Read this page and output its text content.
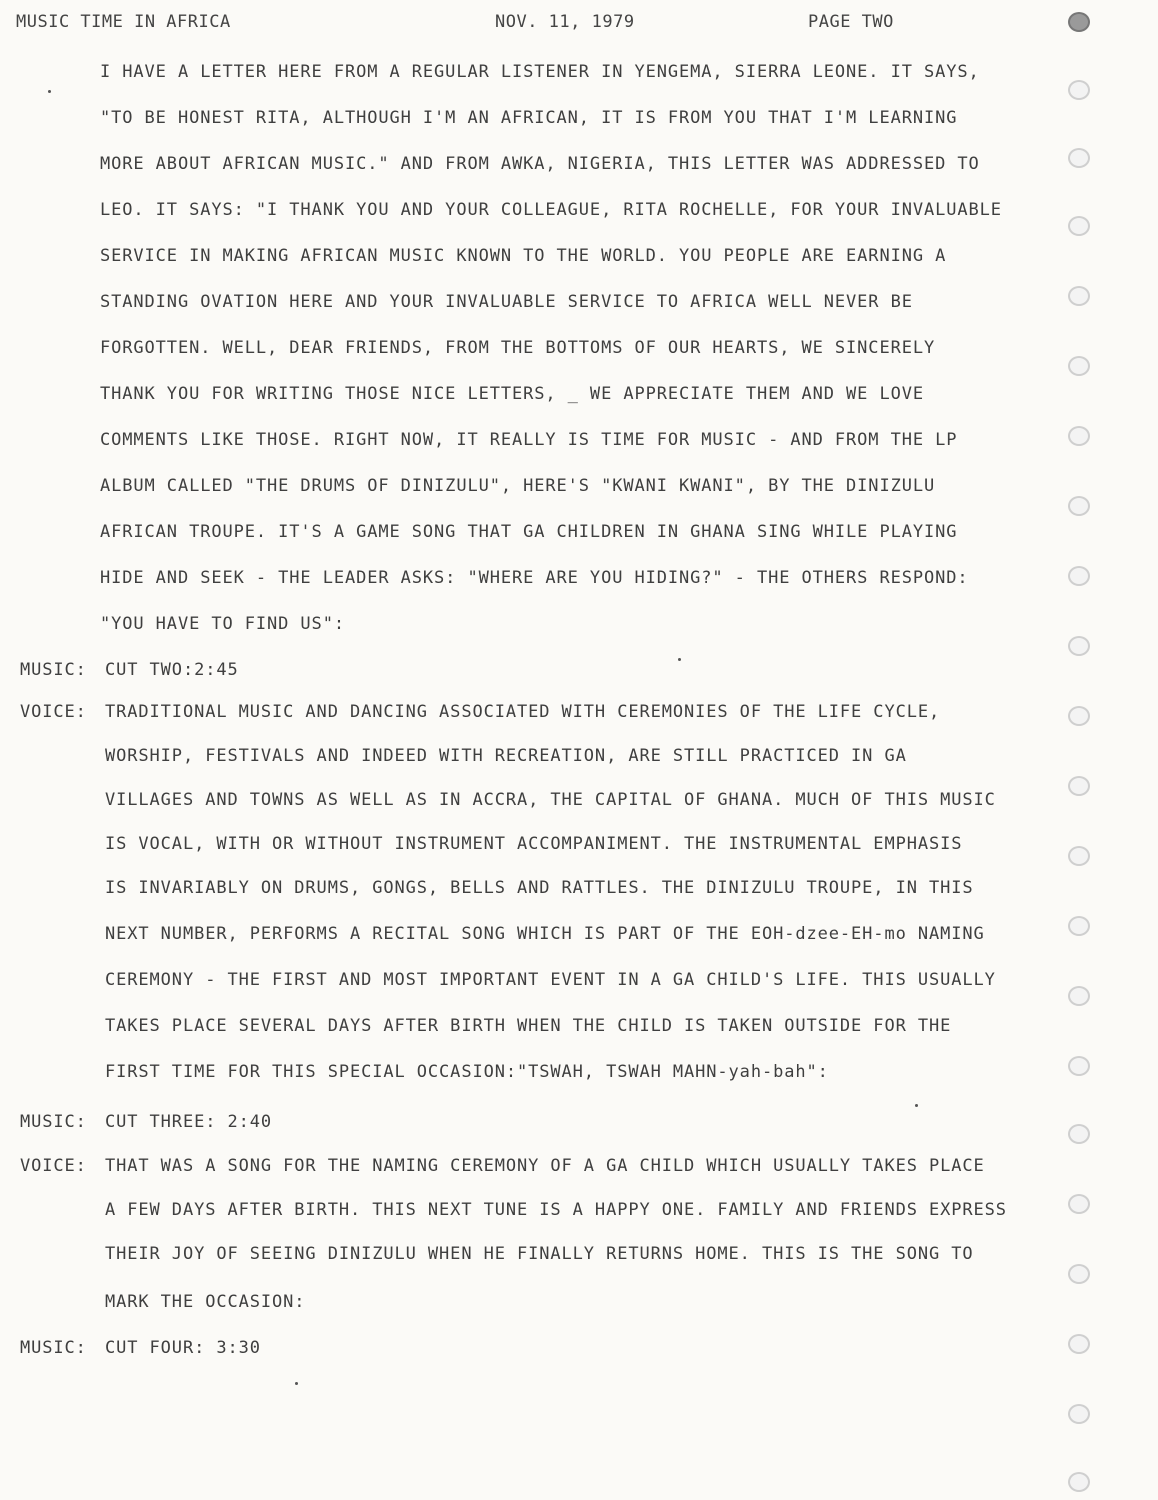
MUSIC TIME IN AFRICA	NOV. 11, 1979	PAGE TWO
I HAVE A LETTER HERE FROM A REGULAR LISTENER IN YENGEMA, SIERRA LEONE. IT SAYS,
"TO BE HONEST RITA, ALTHOUGH I'M AN AFRICAN, IT IS FROM YOU THAT I'M LEARNING
MORE ABOUT AFRICAN MUSIC." AND FROM AWKA, NIGERIA, THIS LETTER WAS ADDRESSED TO
LEO. IT SAYS: "I THANK YOU AND YOUR COLLEAGUE, RITA ROCHELLE, FOR YOUR INVALUABLE
SERVICE IN MAKING AFRICAN MUSIC KNOWN TO THE WORLD. YOU PEOPLE ARE EARNING A
STANDING OVATION HERE AND YOUR INVALUABLE SERVICE TO AFRICA WELL NEVER BE
FORGOTTEN. WELL, DEAR FRIENDS, FROM THE BOTTOMS OF OUR HEARTS, WE SINCERELY
THANK YOU FOR WRITING THOSE NICE LETTERS, _ WE APPRECIATE THEM AND WE LOVE
COMMENTS LIKE THOSE. RIGHT NOW, IT REALLY IS TIME FOR MUSIC - AND FROM THE LP
ALBUM CALLED "THE DRUMS OF DINIZULU", HERE'S "KWANI KWANI", BY THE DINIZULU
AFRICAN TROUPE. IT'S A GAME SONG THAT GA CHILDREN IN GHANA SING WHILE PLAYING
HIDE AND SEEK - THE LEADER ASKS: "WHERE ARE YOU HIDING?" - THE OTHERS RESPOND:
"YOU HAVE TO FIND US":
MUSIC: CUT TWO:2:45
VOICE: TRADITIONAL MUSIC AND DANCING ASSOCIATED WITH CEREMONIES OF THE LIFE CYCLE,
WORSHIP, FESTIVALS AND INDEED WITH RECREATION, ARE STILL PRACTICED IN GA
VILLAGES AND TOWNS AS WELL AS IN ACCRA, THE CAPITAL OF GHANA. MUCH OF THIS MUSIC
IS VOCAL, WITH OR WITHOUT INSTRUMENT ACCOMPANIMENT. THE INSTRUMENTAL EMPHASIS
IS INVARIABLY ON DRUMS, GONGS, BELLS AND RATTLES. THE DINIZULU TROUPE, IN THIS
NEXT NUMBER, PERFORMS A RECITAL SONG WHICH IS PART OF THE EOH-dzee-EH-mo NAMING
CEREMONY - THE FIRST AND MOST IMPORTANT EVENT IN A GA CHILD'S LIFE. THIS USUALLY
TAKES PLACE SEVERAL DAYS AFTER BIRTH WHEN THE CHILD IS TAKEN OUTSIDE FOR THE
FIRST TIME FOR THIS SPECIAL OCCASION:"TSWAH, TSWAH MAHN-yah-bah":
MUSIC: CUT THREE: 2:40
VOICE: THAT WAS A SONG FOR THE NAMING CEREMONY OF A GA CHILD WHICH USUALLY TAKES PLACE
A FEW DAYS AFTER BIRTH. THIS NEXT TUNE IS A HAPPY ONE. FAMILY AND FRIENDS EXPRESS
THEIR JOY OF SEEING DINIZULU WHEN HE FINALLY RETURNS HOME. THIS IS THE SONG TO
MARK THE OCCASION:
MUSIC: CUT FOUR: 3:30
